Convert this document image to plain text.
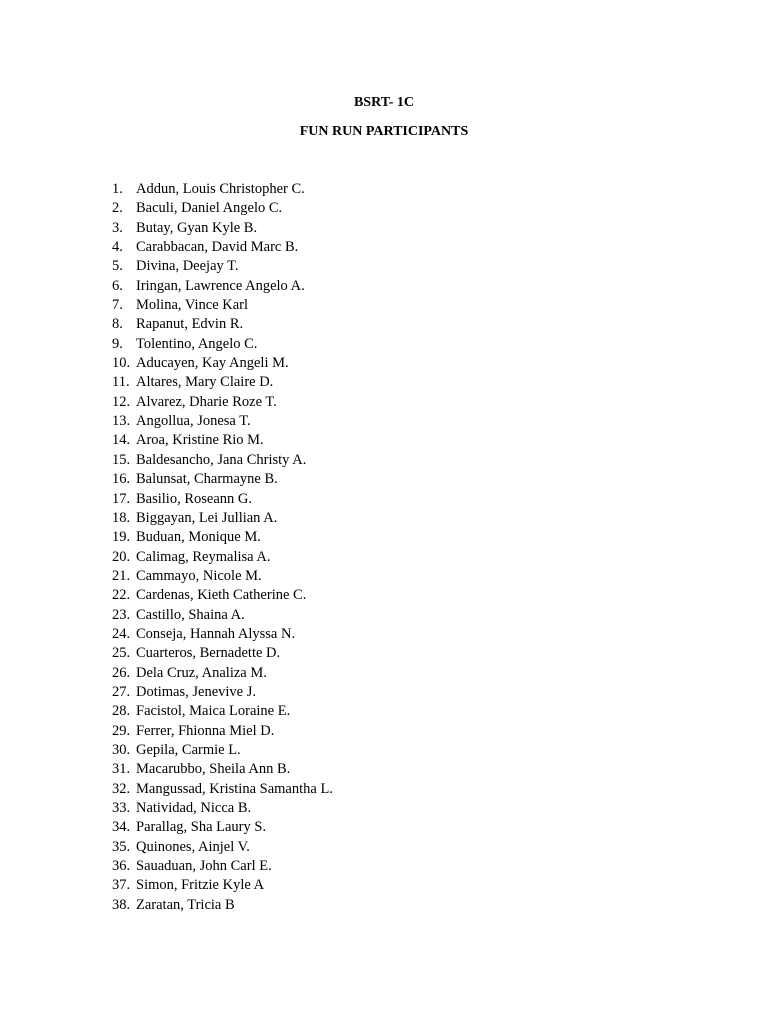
BSRT- 1C
FUN RUN PARTICIPANTS
1. Addun, Louis Christopher C.
2. Baculi, Daniel Angelo C.
3. Butay, Gyan Kyle B.
4. Carabbacan, David Marc B.
5. Divina, Deejay T.
6. Iringan, Lawrence Angelo A.
7. Molina, Vince Karl
8. Rapanut, Edvin R.
9. Tolentino, Angelo C.
10. Aducayen, Kay Angeli M.
11. Altares, Mary Claire D.
12. Alvarez, Dharie Roze T.
13. Angollua, Jonesa T.
14. Aroa, Kristine Rio M.
15. Baldesancho, Jana Christy A.
16. Balunsat, Charmayne B.
17. Basilio, Roseann G.
18. Biggayan, Lei Jullian A.
19. Buduan, Monique M.
20. Calimag, Reymalisa A.
21. Cammayo, Nicole M.
22. Cardenas, Kieth Catherine C.
23. Castillo, Shaina A.
24. Conseja, Hannah Alyssa N.
25. Cuarteros, Bernadette D.
26. Dela Cruz, Analiza M.
27. Dotimas, Jenevive J.
28. Facistol, Maica Loraine E.
29. Ferrer, Fhionna Miel D.
30. Gepila, Carmie L.
31. Macarubbo, Sheila Ann B.
32. Mangussad, Kristina Samantha L.
33. Natividad, Nicca B.
34. Parallag, Sha Laury S.
35. Quinones, Ainjel V.
36. Sauaduan, John Carl E.
37. Simon, Fritzie Kyle A
38. Zaratan, Tricia B
